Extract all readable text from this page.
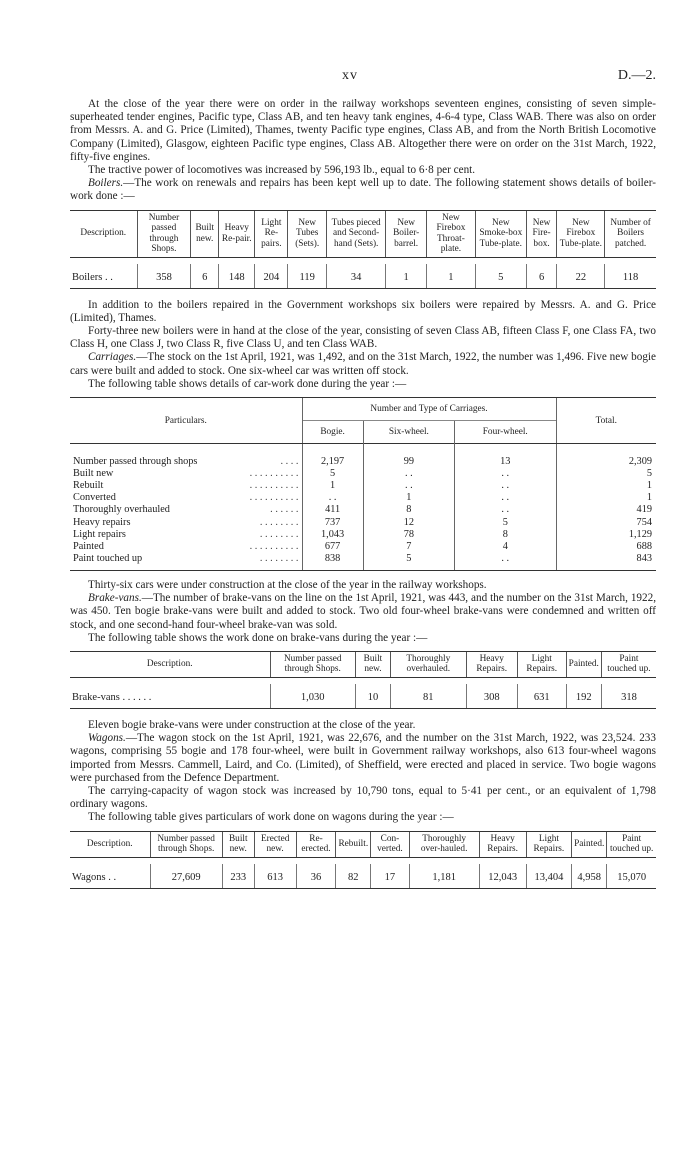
xv	D.—2.

At the close of the year there were on order in the railway workshops seventeen engines, consisting of seven simple-superheated tender engines, Pacific type, Class AB, and ten heavy tank engines, 4-6-4 type, Class WAB. There was also on order from Messrs. A. and G. Price (Limited), Thames, twenty Pacific type engines, Class AB, and from the North British Locomotive Company (Limited), Glasgow, eighteen Pacific type engines, Class AB. Altogether there were on order on the 31st March, 1922, fifty-five engines.

The tractive power of locomotives was increased by 596,193 lb., equal to 6·8 per cent.

Boilers.—The work on renewals and repairs has been kept well up to date. The following statement shows details of boiler-work done :—

Description.	Number passed through Shops.	Built new.	Heavy Re-pair.	Light Re-pairs.	New Tubes (Sets).	Tubes pieced and Second-hand (Sets).	New Boiler-barrel.	New Firebox Throat-plate.	New Smoke-box Tube-plate.	New Fire-box.	New Firebox Tube-plate.	Number of Boilers patched.

Boilers . .	358	6	148	204	119	34	1	1	5	6	22	118

In addition to the boilers repaired in the Government workshops six boilers were repaired by Messrs. A. and G. Price (Limited), Thames.

Forty-three new boilers were in hand at the close of the year, consisting of seven Class AB, fifteen Class F, one Class FA, two Class H, one Class J, two Class R, five Class U, and ten Class WAB.

Carriages.—The stock on the 1st April, 1921, was 1,492, and on the 31st March, 1922, the number was 1,496. Five new bogie cars were built and added to stock. One six-wheel car was written off stock.

The following table shows details of car-work done during the year :—

Particulars.	Number and Type of Carriages.			Total.
	Bogie.	Six-wheel.	Four-wheel.	

Number passed through shops . . . .	2,197	99	13	2,309
Built new . . . . . . . . . .	5	. .	. .	5
Rebuilt . . . . . . . . . .	1	. .	. .	1
Converted . . . . . . . . . .	. .	1	. .	1
Thoroughly overhauled . . . . . .	411	8	. .	419
Heavy repairs . . . . . . . .	737	12	5	754
Light repairs . . . . . . . .	1,043	78	8	1,129
Painted . . . . . . . . . .	677	7	4	688
Paint touched up . . . . . . . .	838	5	. .	843

Thirty-six cars were under construction at the close of the year in the railway workshops.

Brake-vans.—The number of brake-vans on the line on the 1st April, 1921, was 443, and the number on the 31st March, 1922, was 450. Ten bogie brake-vans were built and added to stock. Two old four-wheel brake-vans were condemned and written off stock, and one second-hand four-wheel brake-van was sold.

The following table shows the work done on brake-vans during the year :—

Description.	Number passed through Shops.	Built new.	Thoroughly overhauled.	Heavy Repairs.	Light Repairs.	Painted.	Paint touched up.

Brake-vans . . . . . .	1,030	10	81	308	631	192	318

Eleven bogie brake-vans were under construction at the close of the year.

Wagons.—The wagon stock on the 1st April, 1921, was 22,676, and the number on the 31st March, 1922, was 23,524. 233 wagons, comprising 55 bogie and 178 four-wheel, were built in Government railway workshops, also 613 four-wheel wagons imported from Messrs. Cammell, Laird, and Co. (Limited), of Sheffield, were erected and placed in service. Two bogie wagons were purchased from the Defence Department.

The carrying-capacity of wagon stock was increased by 10,790 tons, equal to 5·41 per cent., or an equivalent of 1,798 ordinary wagons.

The following table gives particulars of work done on wagons during the year :—

Description.	Number passed through Shops.	Built new.	Erected new.	Re-erected.	Rebuilt.	Con-verted.	Thoroughly over-hauled.	Heavy Repairs.	Light Repairs.	Painted.	Paint touched up.

Wagons . .	27,609	233	613	36	82	17	1,181	12,043	13,404	4,958	15,070
